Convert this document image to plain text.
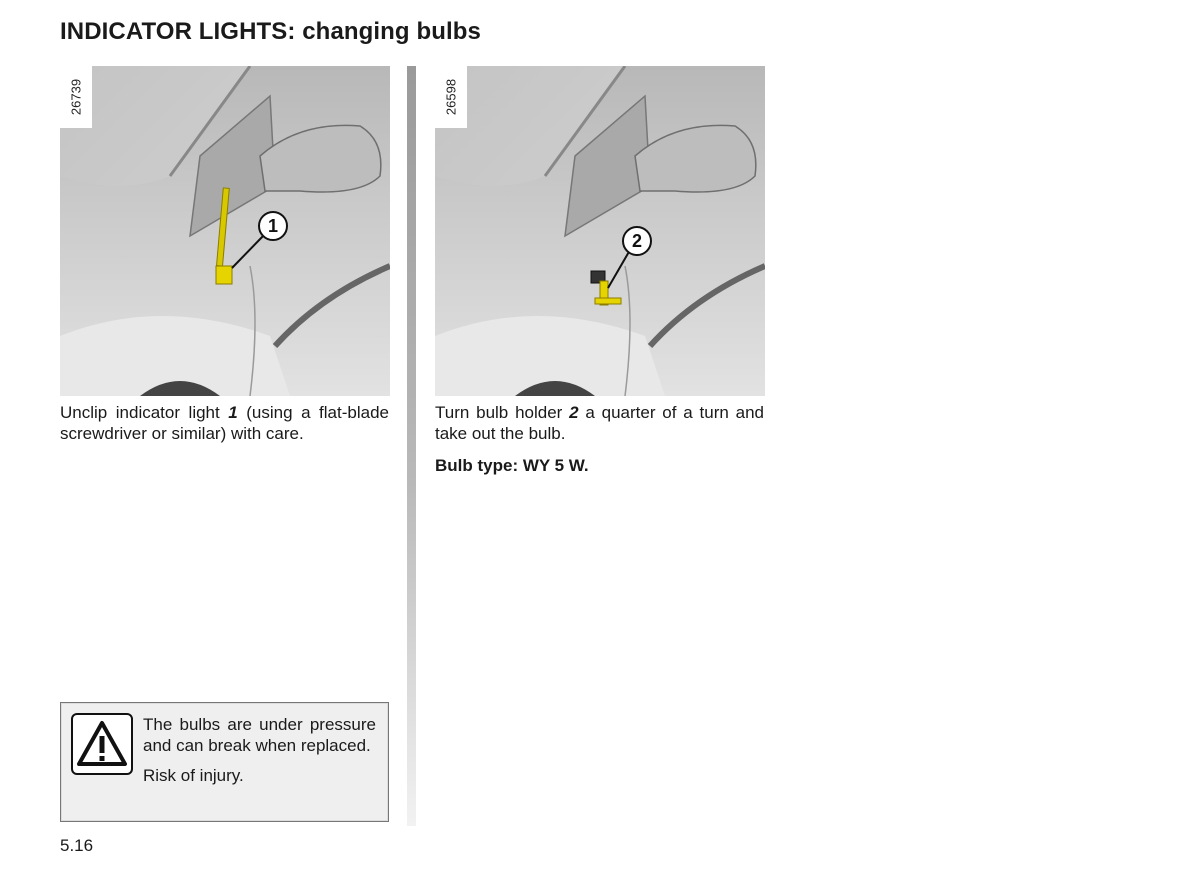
INDICATOR LIGHTS: changing bulbs
26739
1

Unclip indicator light 1 (using a flat-blade screwdriver or similar) with care.

26598
2

Turn bulb holder 2 a quarter of a turn and take out the bulb.

Bulb type: WY 5 W.

The bulbs are under pressure and can break when replaced.

Risk of injury.

5.16
